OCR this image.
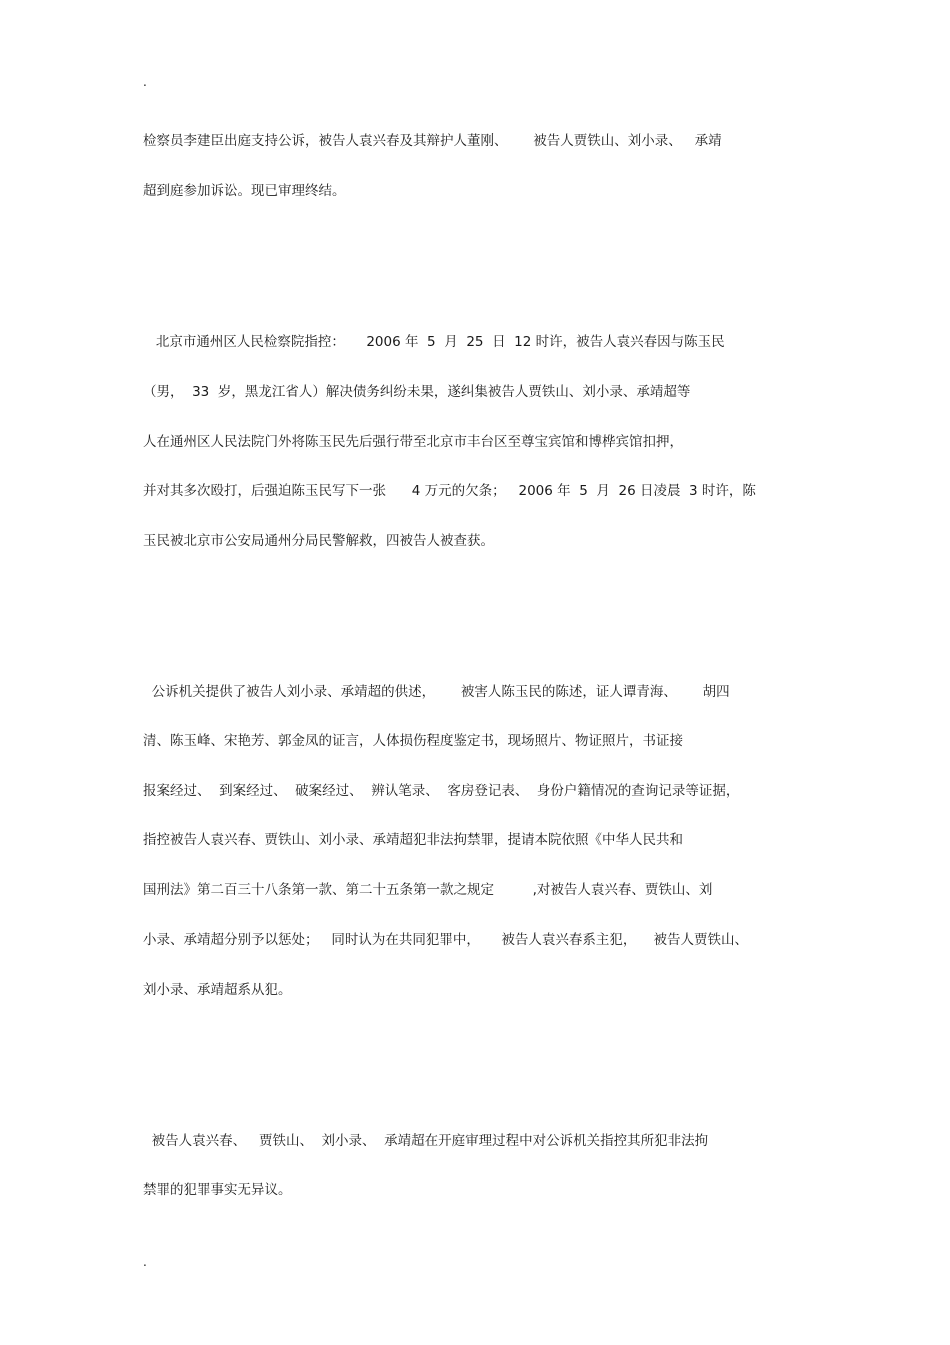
.
检察员李建臣出庭支持公诉，被告人袁兴春及其辩护人董刚、      被告人贾铁山、刘小录、   承靖
超到庭参加诉讼。现已审理终结。
北京市通州区人民检察院指控：     2006 年  5  月  25  日  12 时许，被告人袁兴春因与陈玉民
（男，  33  岁，黑龙江省人）解决债务纠纷未果，遂纠集被告人贾铁山、刘小录、承靖超等
人在通州区人民法院门外将陈玉民先后强行带至北京市丰台区至尊宝宾馆和博桦宾馆扣押，
并对其多次殴打，后强迫陈玉民写下一张      4 万元的欠条；   2006 年  5  月  26 日凌晨  3 时许，陈
玉民被北京市公安局通州分局民警解救，四被告人被查获。
公诉机关提供了被告人刘小录、承靖超的供述，      被害人陈玉民的陈述，证人谭青海、      胡四
清、陈玉峰、宋艳芳、郭金凤的证言，人体损伤程度鉴定书，现场照片、物证照片，书证接
报案经过、  到案经过、  破案经过、  辨认笔录、  客房登记表、  身份户籍情况的查询记录等证据，
指控被告人袁兴春、贾铁山、刘小录、承靖超犯非法拘禁罪，提请本院依照《中华人民共和
国刑法》第二百三十八条第一款、第二十五条第一款之规定         ,对被告人袁兴春、贾铁山、刘
小录、承靖超分别予以惩处；   同时认为在共同犯罪中，     被告人袁兴春系主犯，    被告人贾铁山、
刘小录、承靖超系从犯。
被告人袁兴春、   贾铁山、  刘小录、  承靖超在开庭审理过程中对公诉机关指控其所犯非法拘
禁罪的犯罪事实无异议。
.
